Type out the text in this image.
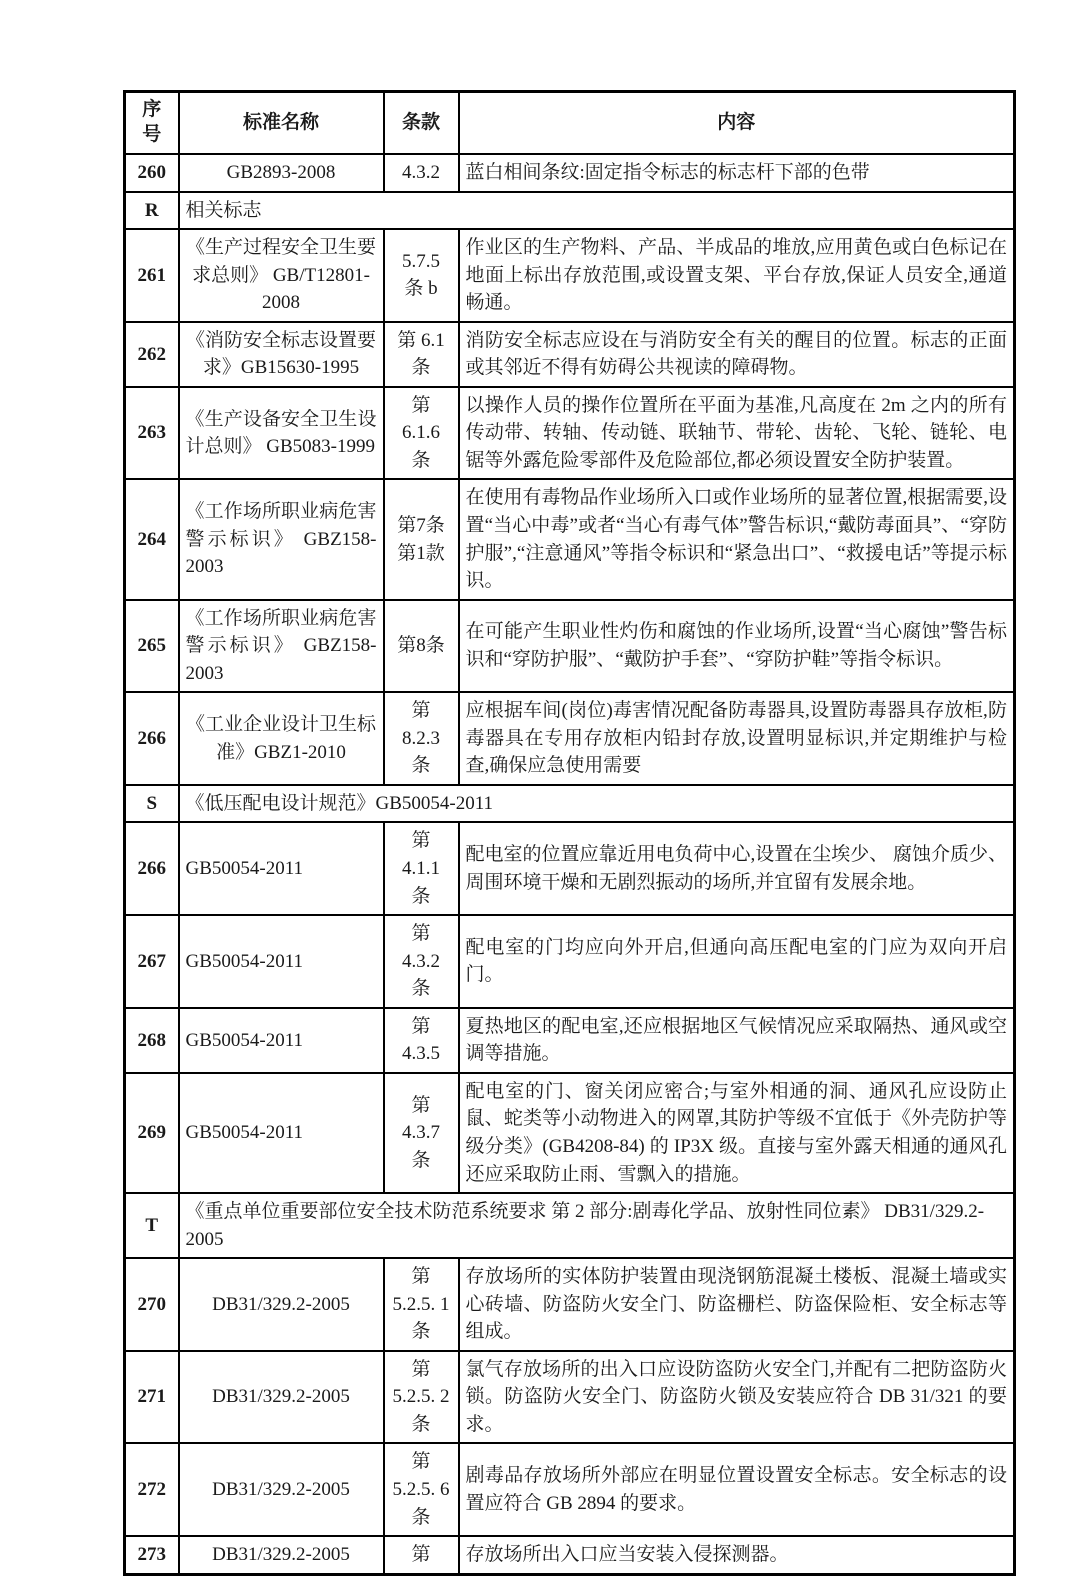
序号	标准名称	条款	内容
260	GB2893-2008	4.3.2	蓝白相间条纹:固定指令标志的标志杆下部的色带
R	相关标志		
261	《生产过程安全卫生要求总则》 GB/T12801-2008	5.7.5 条 b	作业区的生产物料、产品、半成品的堆放,应用黄色或白色标记在地面上标出存放范围,或设置支架、平台存放,保证人员安全,通道畅通。
262	《消防安全标志设置要求》GB15630-1995	第 6.1 条	消防安全标志应设在与消防安全有关的醒目的位置。标志的正面或其邻近不得有妨碍公共视读的障碍物。
263	《生产设备安全卫生设计总则》 GB5083-1999	第 6.1.6 条	以操作人员的操作位置所在平面为基准,凡高度在 2m 之内的所有传动带、转轴、传动链、联轴节、带轮、齿轮、飞轮、链轮、电锯等外露危险零部件及危险部位,都必须设置安全防护装置。
264	《工作场所职业病危害警示标识》 GBZ158-2003	第7条 第1款	在使用有毒物品作业场所入口或作业场所的显著位置,根据需要,设置“当心中毒”或者“当心有毒气体”警告标识,“戴防毒面具”、“穿防护服”,“注意通风”等指令标识和“紧急出口”、“救援电话”等提示标识。
265	《工作场所职业病危害警示标识》 GBZ158-2003	第8条	在可能产生职业性灼伤和腐蚀的作业场所,设置“当心腐蚀”警告标识和“穿防护服”、“戴防护手套”、“穿防护鞋”等指令标识。
266	《工业企业设计卫生标准》GBZ1-2010	第 8.2.3 条	应根据车间(岗位)毒害情况配备防毒器具,设置防毒器具存放柜,防毒器具在专用存放柜内铅封存放,设置明显标识,并定期维护与检查,确保应急使用需要
S	《低压配电设计规范》GB50054-2011		
266	GB50054-2011	第 4.1.1 条	配电室的位置应靠近用电负荷中心,设置在尘埃少、 腐蚀介质少、周围环境干燥和无剧烈振动的场所,并宜留有发展余地。
267	GB50054-2011	第 4.3.2 条	配电室的门均应向外开启,但通向高压配电室的门应为双向开启门。
268	GB50054-2011	第 4.3.5	夏热地区的配电室,还应根据地区气候情况应采取隔热、通风或空调等措施。
269	GB50054-2011	第 4.3.7 条	配电室的门、窗关闭应密合;与室外相通的洞、通风孔应设防止鼠、蛇类等小动物进入的网罩,其防护等级不宜低于《外壳防护等级分类》(GB4208-84) 的 IP3X 级。直接与室外露天相通的通风孔还应采取防止雨、雪飘入的措施。
T	《重点单位重要部位安全技术防范系统要求 第 2 部分:剧毒化学品、放射性同位素》 DB31/329.2-2005		
270	DB31/329.2-2005	第 5.2.5. 1条	存放场所的实体防护装置由现浇钢筋混凝土楼板、混凝土墙或实心砖墙、防盗防火安全门、防盗栅栏、防盗保险柜、安全标志等组成。
271	DB31/329.2-2005	第 5.2.5. 2条	氯气存放场所的出入口应设防盗防火安全门,并配有二把防盗防火锁。防盗防火安全门、防盗防火锁及安装应符合 DB 31/321 的要求。
272	DB31/329.2-2005	第 5.2.5. 6条	剧毒品存放场所外部应在明显位置设置安全标志。安全标志的设置应符合 GB 2894 的要求。
273	DB31/329.2-2005	第	存放场所出入口应当安装入侵探测器。
